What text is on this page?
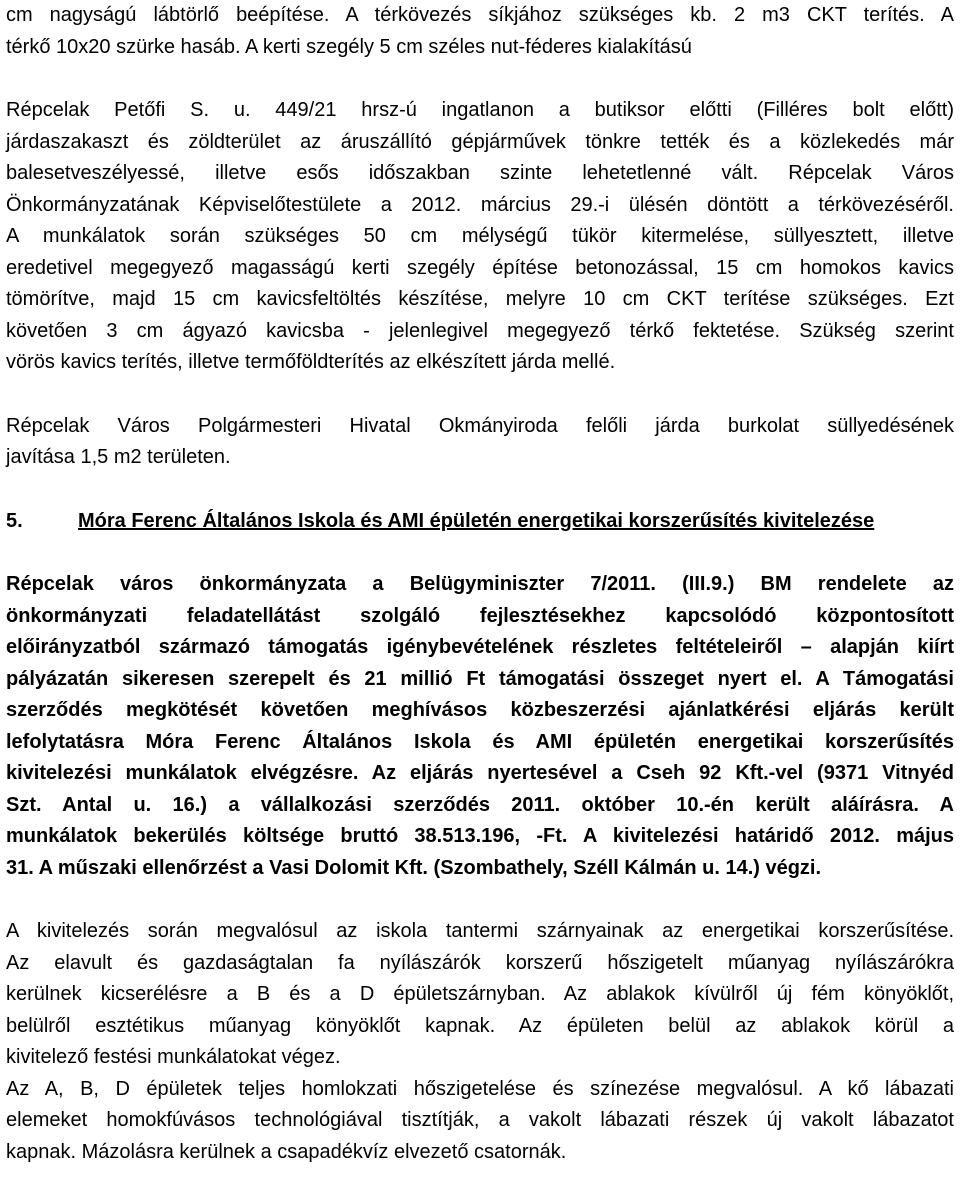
cm nagyságú lábtörlő beépítése. A térkövezés síkjához szükséges kb. 2 m3 CKT terítés. A
térkő 10x20 szürke hasáb. A kerti szegély 5 cm széles nut-féderes kialakítású
Répcelak Petőfi S. u. 449/21 hrsz-ú ingatlanon a butiksor előtti (Filléres bolt előtt)
járdaszakaszt és zöldterület az áruszállító gépjárművek tönkre tették és a közlekedés már
balesetveszélyessé, illetve esős időszakban szinte lehetetlenné vált. Répcelak Város
Önkormányzatának Képviselőtestülete a 2012. március 29.-i ülésén döntött a térkövezéséről.
A munkálatok során szükséges 50 cm mélységű tükör kitermelése, süllyesztett, illetve
eredetivel megegyező magasságú kerti szegély építése betonozással, 15 cm homokos kavics
tömörítve, majd 15 cm kavicsfeltöltés készítése, melyre 10 cm CKT terítése szükséges. Ezt
követően 3 cm ágyazó kavicsba - jelenlegivel megegyező térkő fektetése. Szükség szerint
vörös kavics terítés, illetve termőföldterítés az elkészített járda mellé.
Répcelak Város Polgármesteri Hivatal Okmányiroda felőli járda burkolat süllyedésének
javítása 1,5 m2 területen.
5.	Móra Ferenc Általános Iskola és AMI épületén energetikai korszerűsítés kivitelezése
Répcelak város önkormányzata a Belügyminiszter 7/2011. (III.9.) BM rendelete az
önkormányzati feladatellátást szolgáló fejlesztésekhez kapcsolódó központosított
előirányzatból származó támogatás igénybevételének részletes feltételeiről – alapján kiírt
pályázatán sikeresen szerepelt és 21 millió Ft támogatási összeget nyert el. A Támogatási
szerződés megkötését követően meghívásos közbeszerzési ajánlatkérési eljárás került
lefolytatásra Móra Ferenc Általános Iskola és AMI épületén energetikai korszerűsítés
kivitelezési munkálatok elvégzésre. Az eljárás nyertesével a Cseh 92 Kft.-vel (9371 Vitnyéd
Szt. Antal u. 16.) a vállalkozási szerződés 2011. október 10.-én került aláírásra. A
munkálatok bekerülés költsége bruttó 38.513.196, -Ft. A kivitelezési határidő 2012. május
31. A műszaki ellenőrzést a Vasi Dolomit Kft. (Szombathely, Széll Kálmán u. 14.) végzi.
A kivitelezés során megvalósul az iskola tantermi szárnyainak az energetikai korszerűsítése.
Az elavult és gazdaságtalan fa nyílászárók korszerű hőszigetelt műanyag nyílászárókra
kerülnek kicserélésre a B és a D épületszárnyban. Az ablakok kívülről új fém könyöklőt,
belülről esztétikus műanyag könyöklőt kapnak. Az épületen belül az ablakok körül a
kivitelező festési munkálatokat végez.
Az A, B, D épületek teljes homlokzati hőszigetelése és színezése megvalósul. A kő lábazati
elemeket homokfúvásos technológiával tisztítják, a vakolt lábazati részek új vakolt lábazatot
kapnak. Mázolásra kerülnek a csapadékvíz elvezető csatornák.
